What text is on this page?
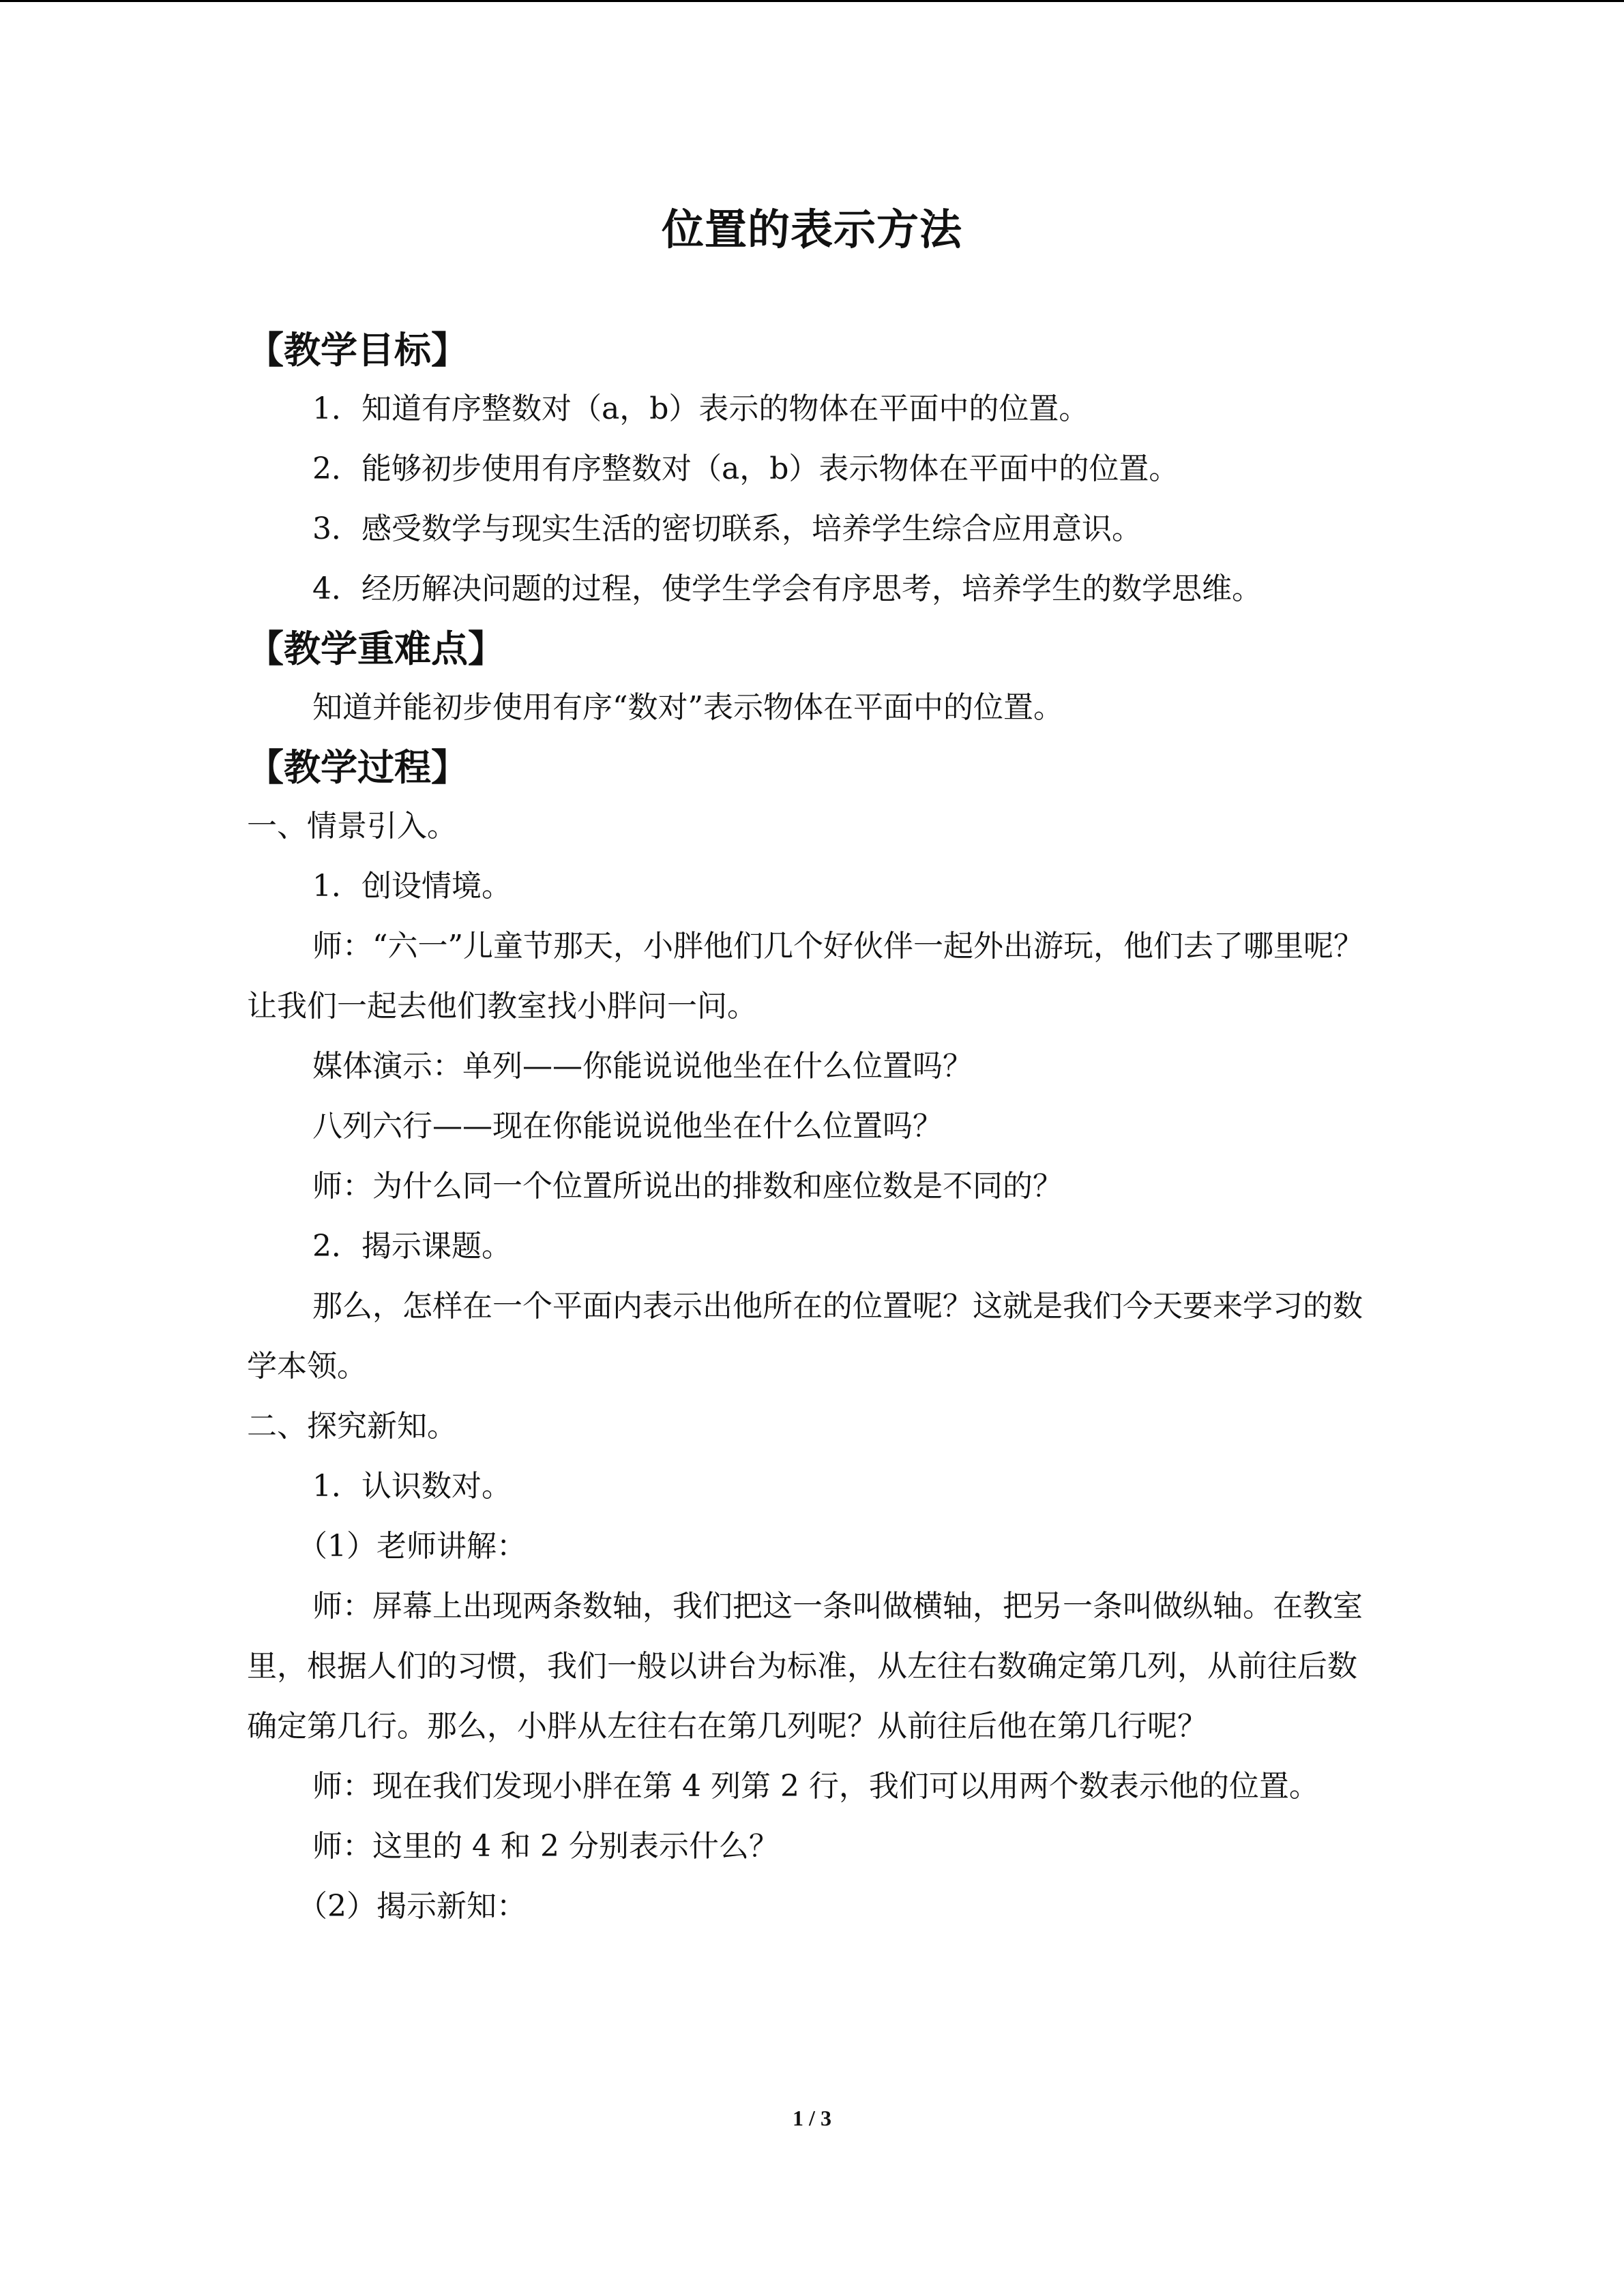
位置的表示方法

【教学目标】

1．知道有序整数对（a，b）表示的物体在平面中的位置。

2．能够初步使用有序整数对（a，b）表示物体在平面中的位置。

3．感受数学与现实生活的密切联系，培养学生综合应用意识。

4．经历解决问题的过程，使学生学会有序思考，培养学生的数学思维。

【教学重难点】

知道并能初步使用有序“数对”表示物体在平面中的位置。

【教学过程】

一、情景引入。

1．创设情境。

师：“六一”儿童节那天，小胖他们几个好伙伴一起外出游玩，他们去了哪里呢？让我们一起去他们教室找小胖问一问。

媒体演示：单列——你能说说他坐在什么位置吗？

八列六行——现在你能说说他坐在什么位置吗？

师：为什么同一个位置所说出的排数和座位数是不同的？

2．揭示课题。

那么，怎样在一个平面内表示出他所在的位置呢？这就是我们今天要来学习的数学本领。

二、探究新知。

1．认识数对。

（1）老师讲解：

师：屏幕上出现两条数轴，我们把这一条叫做横轴，把另一条叫做纵轴。在教室里，根据人们的习惯，我们一般以讲台为标准，从左往右数确定第几列，从前往后数确定第几行。那么，小胖从左往右在第几列呢？从前往后他在第几行呢？

师：现在我们发现小胖在第 4 列第 2 行，我们可以用两个数表示他的位置。

师：这里的 4 和 2 分别表示什么？

（2）揭示新知：

1 / 3
